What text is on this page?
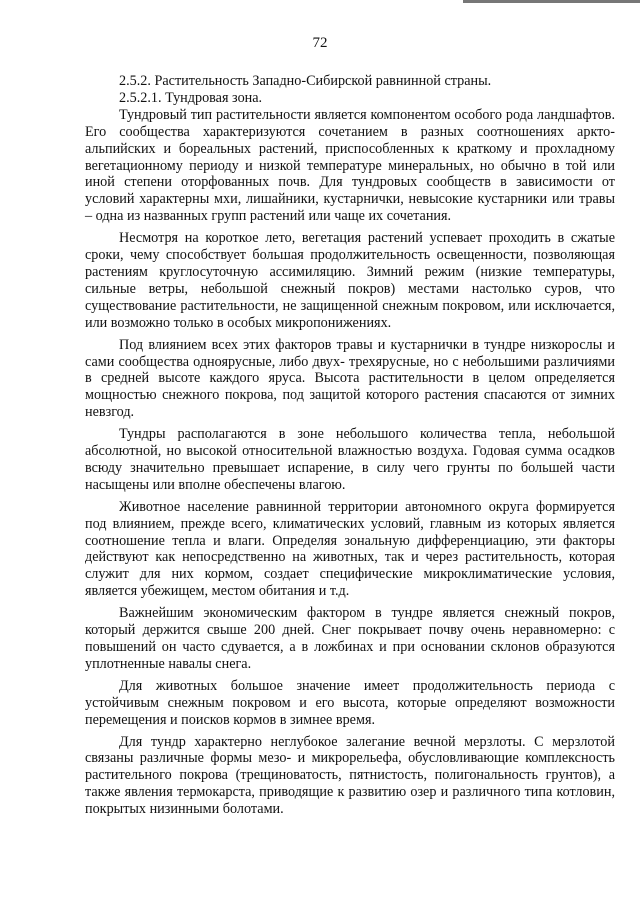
72
2.5.2. Растительность Западно-Сибирской равнинной страны.
2.5.2.1. Тундровая зона.

Тундровый тип растительности является компонентом особого рода ландшафтов. Его сообщества характеризуются сочетанием в разных соотношениях аркто-альпийских и бореальных растений, приспособленных к краткому и прохладному вегетационному периоду и низкой температуре минеральных, но обычно в той или иной степени оторфованных почв. Для тундровых сообществ в зависимости от условий характерны мхи, лишайники, кустарнички, невысокие кустарники или травы – одна из названных групп растений или чаще их сочетания.

Несмотря на короткое лето, вегетация растений успевает проходить в сжатые сроки, чему способствует большая продолжительность освещенности, позволяющая растениям круглосуточную ассимиляцию. Зимний режим (низкие температуры, сильные ветры, небольшой снежный покров) местами настолько суров, что существование растительности, не защищенной снежным покровом, или исключается, или возможно только в особых микропонижениях.

Под влиянием всех этих факторов травы и кустарнички в тундре низкорослы и сами сообщества одноярусные, либо двух- трехярусные, но с небольшими различиями в средней высоте каждого яруса. Высота растительности в целом определяется мощностью снежного покрова, под защитой которого растения спасаются от зимних невзгод.

Тундры располагаются в зоне небольшого количества тепла, небольшой абсолютной, но высокой относительной влажностью воздуха. Годовая сумма осадков всюду значительно превышает испарение, в силу чего грунты по большей части насыщены или вполне обеспечены влагою.

Животное население равнинной территории автономного округа формируется под влиянием, прежде всего, климатических условий, главным из которых является соотношение тепла и влаги. Определяя зональную дифференциацию, эти факторы действуют как непосредственно на животных, так и через растительность, которая служит для них кормом, создает специфические микроклиматические условия, является убежищем, местом обитания и т.д.

Важнейшим экономическим фактором в тундре является снежный покров, который держится свыше 200 дней. Снег покрывает почву очень неравномерно: с повышений он часто сдувается, а в ложбинах и при основании склонов образуются уплотненные навалы снега.

Для животных большое значение имеет продолжительность периода с устойчивым снежным покровом и его высота, которые определяют возможности перемещения и поисков кормов в зимнее время.

Для тундр характерно неглубокое залегание вечной мерзлоты. С мерзлотой связаны различные формы мезо- и микрорельефа, обусловливающие комплексность растительного покрова (трещиноватость, пятнистость, полигональность грунтов), а также явления термокарста, приводящие к развитию озер и различного типа котловин, покрытых низинными болотами.
